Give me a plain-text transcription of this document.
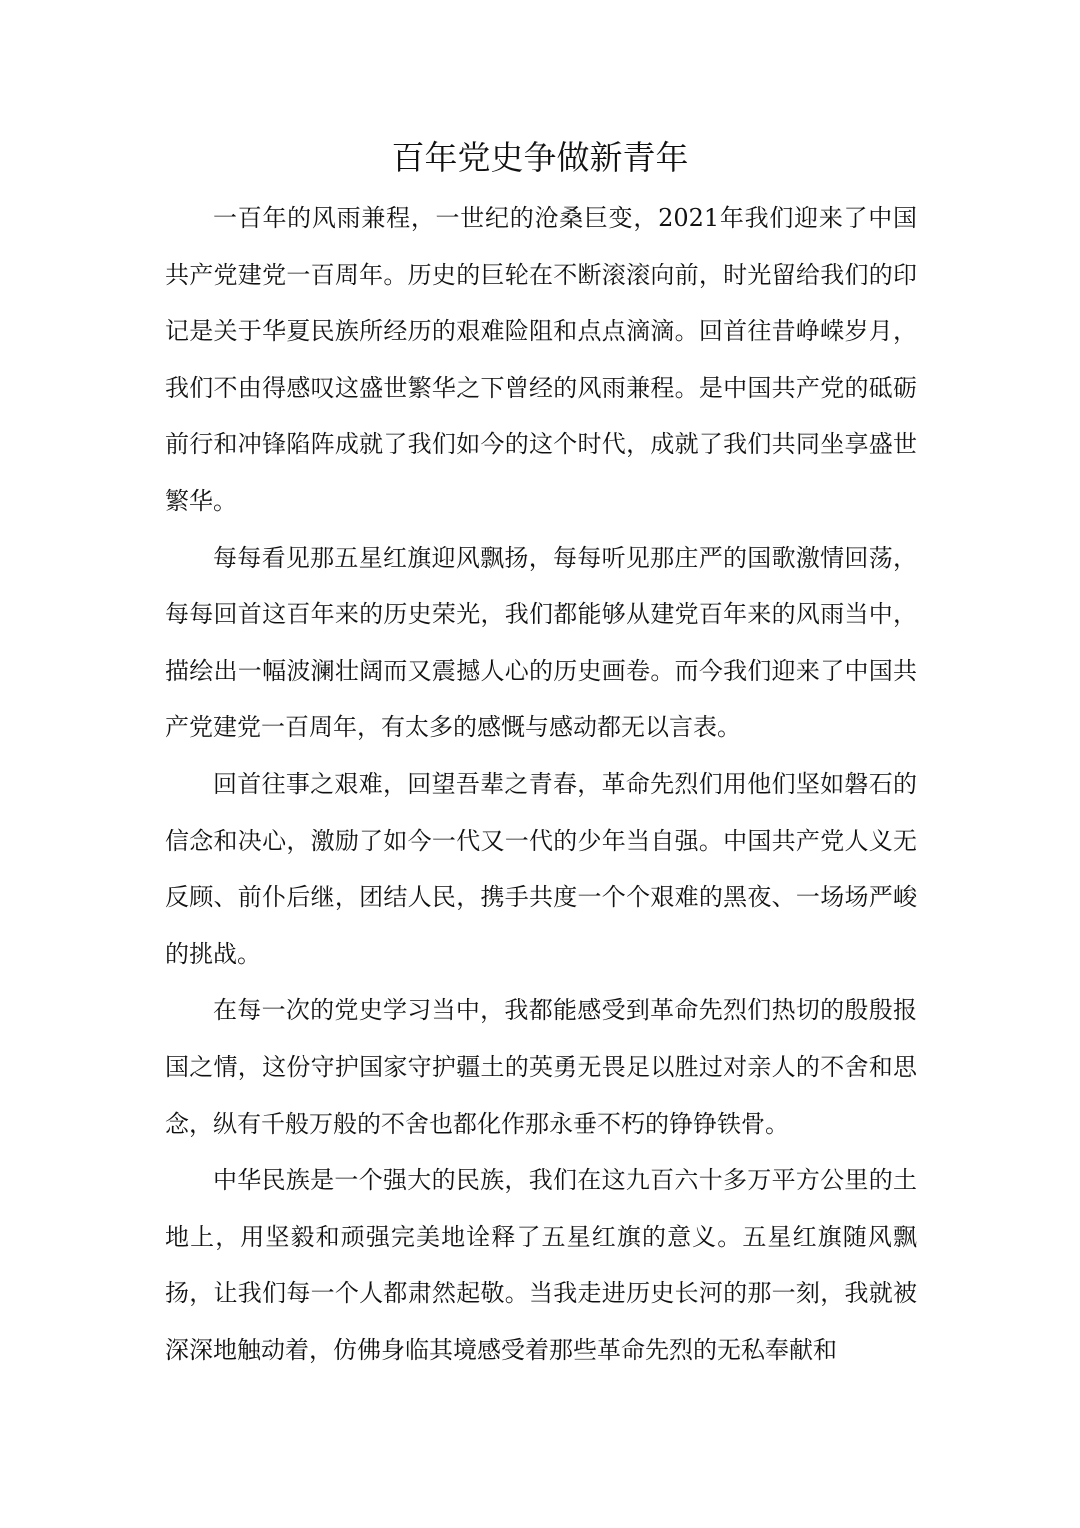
百年党史争做新青年

一百年的风雨兼程，一世纪的沧桑巨变，2021年我们迎来了中国共产党建党一百周年。历史的巨轮在不断滚滚向前，时光留给我们的印记是关于华夏民族所经历的艰难险阻和点点滴滴。回首往昔峥嵘岁月，我们不由得感叹这盛世繁华之下曾经的风雨兼程。是中国共产党的砥砺前行和冲锋陷阵成就了我们如今的这个时代，成就了我们共同坐享盛世繁华。

每每看见那五星红旗迎风飘扬，每每听见那庄严的国歌激情回荡，每每回首这百年来的历史荣光，我们都能够从建党百年来的风雨当中，描绘出一幅波澜壮阔而又震撼人心的历史画卷。而今我们迎来了中国共产党建党一百周年，有太多的感慨与感动都无以言表。

回首往事之艰难，回望吾辈之青春，革命先烈们用他们坚如磐石的信念和决心，激励了如今一代又一代的少年当自强。中国共产党人义无反顾、前仆后继，团结人民，携手共度一个个艰难的黑夜、一场场严峻的挑战。

在每一次的党史学习当中，我都能感受到革命先烈们热切的殷殷报国之情，这份守护国家守护疆土的英勇无畏足以胜过对亲人的不舍和思念，纵有千般万般的不舍也都化作那永垂不朽的铮铮铁骨。

中华民族是一个强大的民族，我们在这九百六十多万平方公里的土地上，用坚毅和顽强完美地诠释了五星红旗的意义。五星红旗随风飘扬，让我们每一个人都肃然起敬。当我走进历史长河的那一刻，我就被深深地触动着，仿佛身临其境感受着那些革命先烈的无私奉献和
